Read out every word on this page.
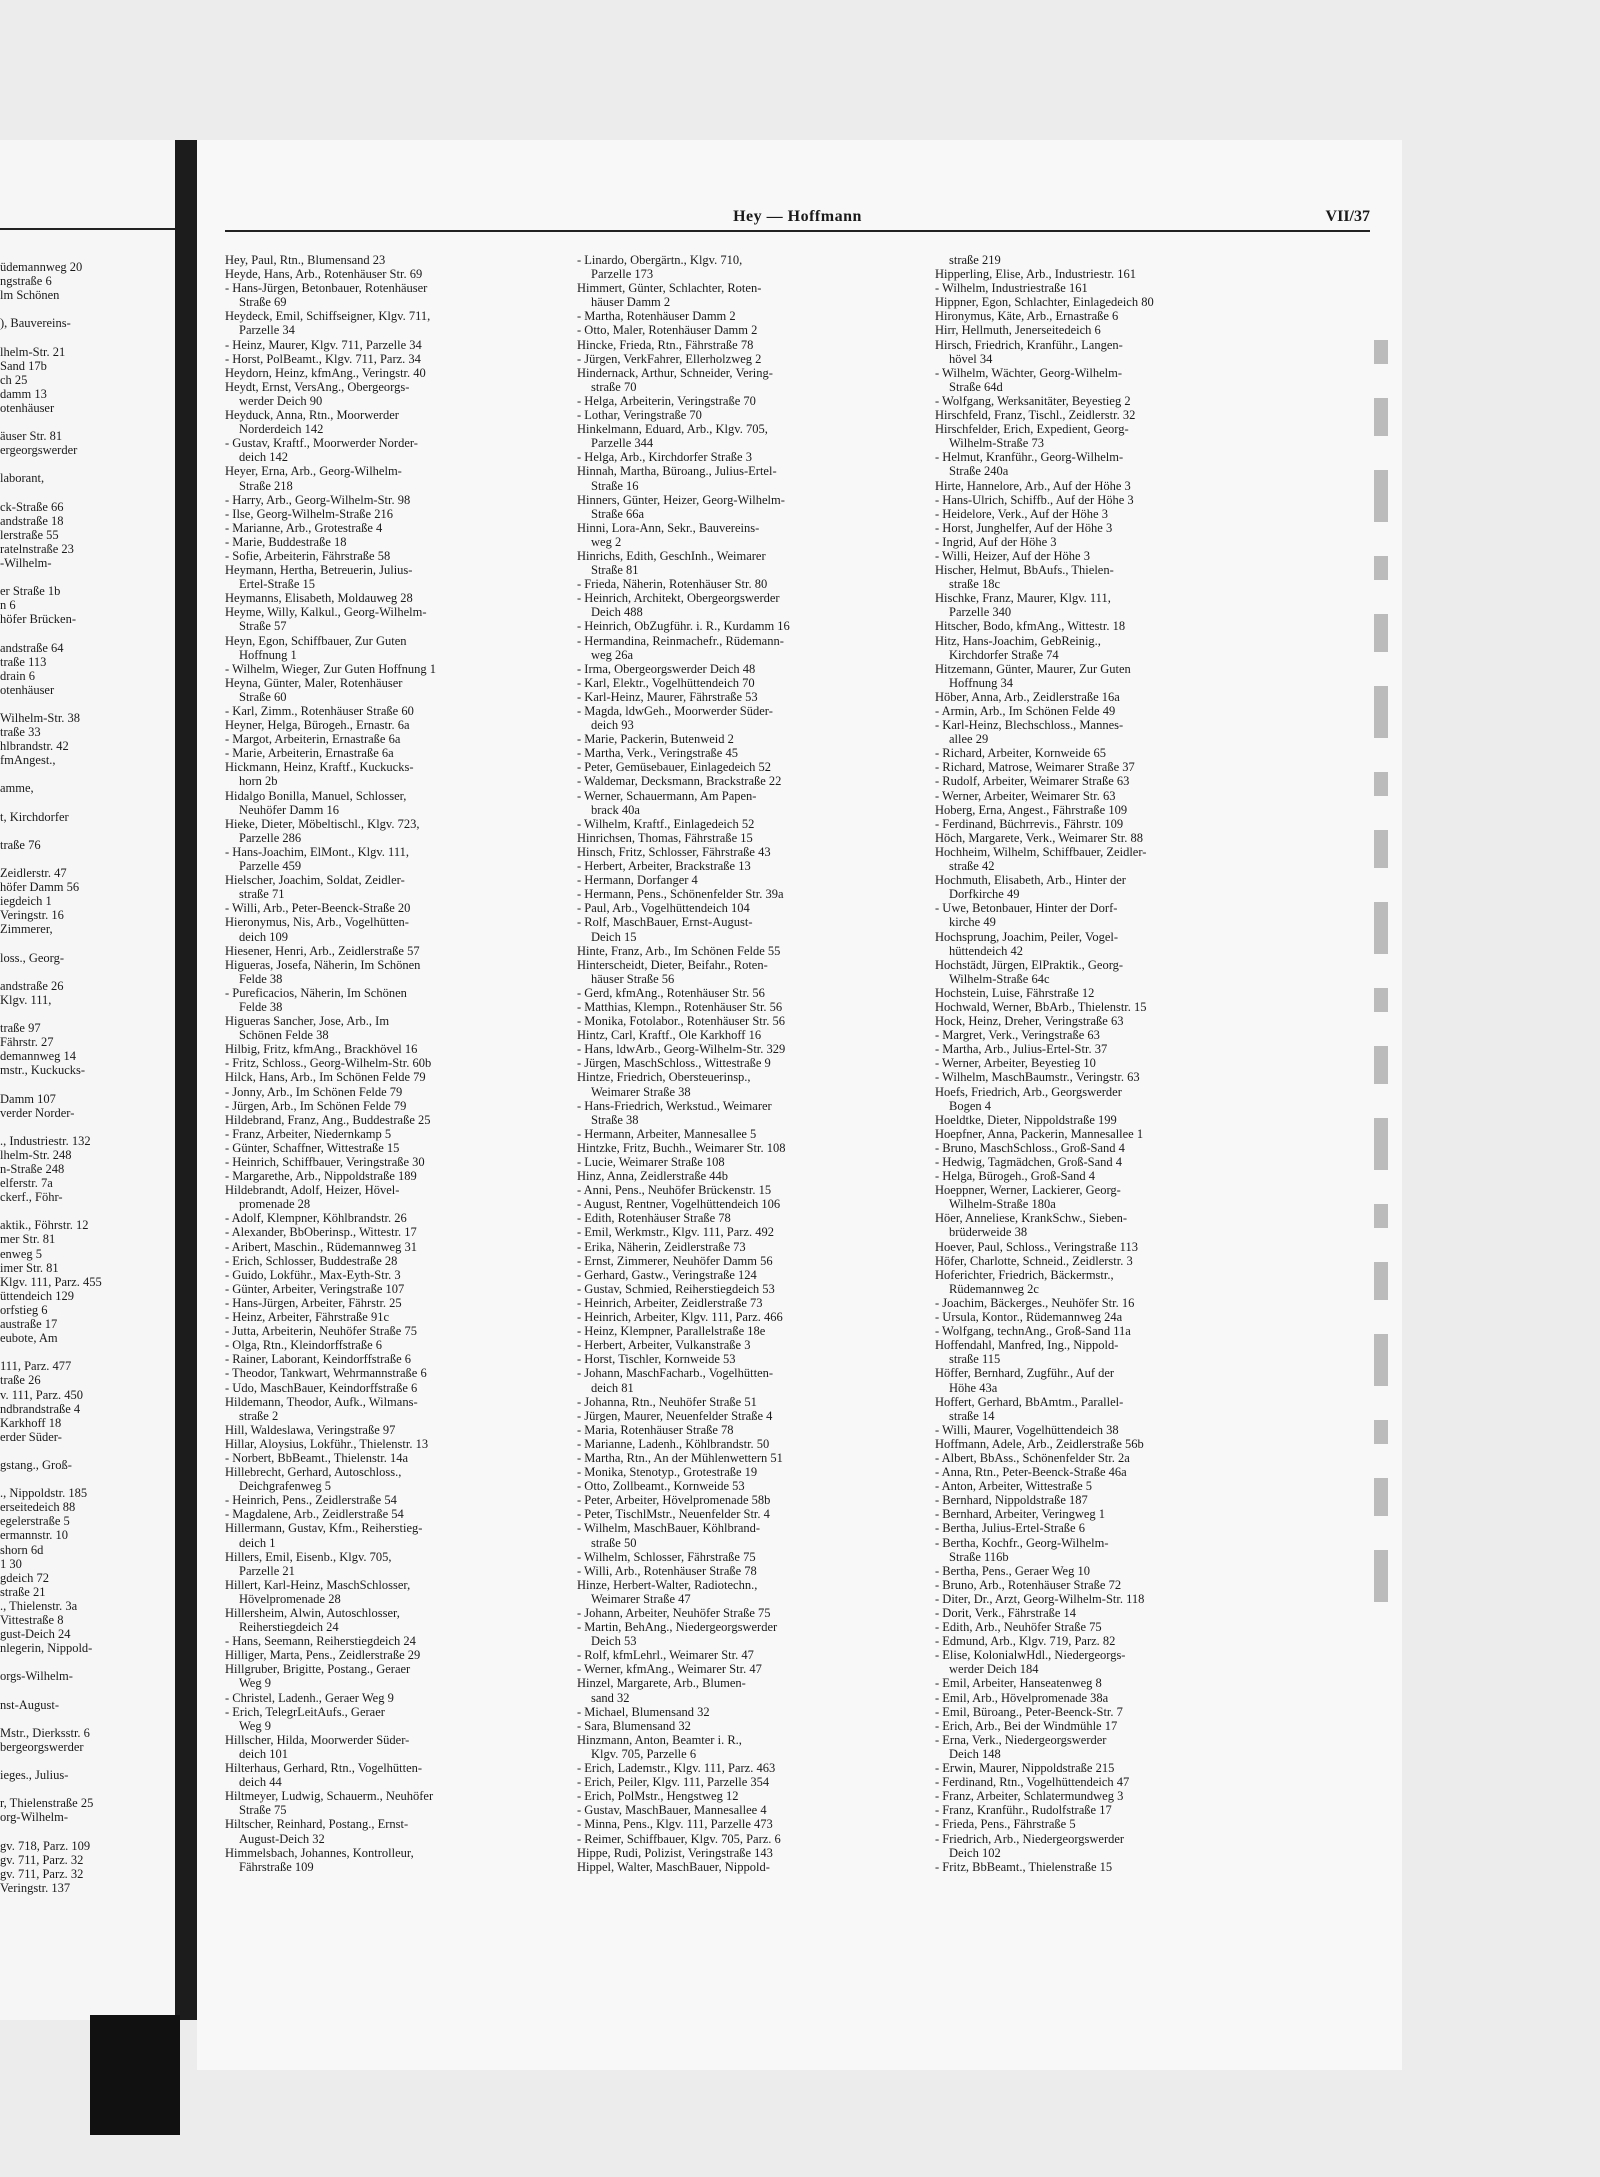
üdemannweg 20
ngstraße 6
lm Schönen

), Bauvereins-

lhelm-Str. 21
Sand 17b
ch 25
damm 13
otenhäuser

äuser Str. 81
ergeorgswerder

laborant,

ck-Straße 66
andstraße 18
lerstraße 55
ratelnstraße 23
-Wilhelm-

er Straße 1b
n 6
höfer Brücken-

andstraße 64
traße 113
drain 6
otenhäuser

Wilhelm-Str. 38
traße 33
hlbrandstr. 42
fmAngest.,

amme,

t, Kirchdorfer

traße 76

Zeidlerstr. 47
höfer Damm 56
iegdeich 1
Veringstr. 16
Zimmerer,

loss., Georg-

andstraße 26
Klgv. 111,

traße 97
Fährstr. 27
demannweg 14
mstr., Kuckucks-

Damm 107
verder Norder-

., Industriestr. 132
lhelm-Str. 248
n-Straße 248
elferstr. 7a
ckerf., Föhr-

aktik., Föhrstr. 12
mer Str. 81
enweg 5
imer Str. 81
Klgv. 111, Parz. 455
üttendeich 129
orfstieg 6
austraße 17
eubote, Am

111, Parz. 477
traße 26
v. 111, Parz. 450
ndbrandstraße 4
Karkhoff 18
erder Süder-

gstang., Groß-

., Nippoldstr. 185
erseitedeich 88
egelerstraße 5
ermannstr. 10
shorn 6d
1 30
gdeich 72
straße 21
., Thielenstr. 3a
Vittestraße 8
gust-Deich 24
nlegerin, Nippold-

orgs-Wilhelm-

nst-August-

Mstr., Dierksstr. 6
bergeorgswerder

ieges., Julius-

r, Thielenstraße 25
org-Wilhelm-

gv. 718, Parz. 109
gv. 711, Parz. 32
gv. 711, Parz. 32
Veringstr. 137
Hey — Hoffmann	VII/37
Hey, Paul, Rtn., Blumensand 23
Heyde, Hans, Arb., Rotenhäuser Str. 69
- Hans-Jürgen, Betonbauer, Rotenhäuser
Straße 69
Heydeck, Emil, Schiffseigner, Klgv. 711,
Parzelle 34
- Heinz, Maurer, Klgv. 711, Parzelle 34
- Horst, PolBeamt., Klgv. 711, Parz. 34
Heydorn, Heinz, kfmAng., Veringstr. 40
Heydt, Ernst, VersAng., Obergeorgs-
werder Deich 90
Heyduck, Anna, Rtn., Moorwerder
Norderdeich 142
- Gustav, Kraftf., Moorwerder Norder-
deich 142
Heyer, Erna, Arb., Georg-Wilhelm-
Straße 218
- Harry, Arb., Georg-Wilhelm-Str. 98
- Ilse, Georg-Wilhelm-Straße 216
- Marianne, Arb., Grotestraße 4
- Marie, Buddestraße 18
- Sofie, Arbeiterin, Fährstraße 58
Heymann, Hertha, Betreuerin, Julius-
Ertel-Straße 15
Heymanns, Elisabeth, Moldauweg 28
Heyme, Willy, Kalkul., Georg-Wilhelm-
Straße 57
Heyn, Egon, Schiffbauer, Zur Guten
Hoffnung 1
- Wilhelm, Wieger, Zur Guten Hoffnung 1
Heyna, Günter, Maler, Rotenhäuser
Straße 60
- Karl, Zimm., Rotenhäuser Straße 60
Heyner, Helga, Bürogeh., Ernastr. 6a
- Margot, Arbeiterin, Ernastraße 6a
- Marie, Arbeiterin, Ernastraße 6a
Hickmann, Heinz, Kraftf., Kuckucks-
horn 2b
Hidalgo Bonilla, Manuel, Schlosser,
Neuhöfer Damm 16
Hieke, Dieter, Möbeltischl., Klgv. 723,
Parzelle 286
- Hans-Joachim, ElMont., Klgv. 111,
Parzelle 459
Hielscher, Joachim, Soldat, Zeidler-
straße 71
- Willi, Arb., Peter-Beenck-Straße 20
Hieronymus, Nis, Arb., Vogelhütten-
deich 109
Hiesener, Henri, Arb., Zeidlerstraße 57
Higueras, Josefa, Näherin, Im Schönen
Felde 38
- Pureficacios, Näherin, Im Schönen
Felde 38
Higueras Sancher, Jose, Arb., Im
Schönen Felde 38
Hilbig, Fritz, kfmAng., Brackhövel 16
- Fritz, Schloss., Georg-Wilhelm-Str. 60b
Hilck, Hans, Arb., Im Schönen Felde 79
- Jonny, Arb., Im Schönen Felde 79
- Jürgen, Arb., Im Schönen Felde 79
Hildebrand, Franz, Ang., Buddestraße 25
- Franz, Arbeiter, Niedernkamp 5
- Günter, Schaffner, Wittestraße 15
- Heinrich, Schiffbauer, Veringstraße 30
- Margarethe, Arb., Nippoldstraße 189
Hildebrandt, Adolf, Heizer, Hövel-
promenade 28
- Adolf, Klempner, Köhlbrandstr. 26
- Alexander, BbOberinsp., Wittestr. 17
- Aribert, Maschin., Rüdemannweg 31
- Erich, Schlosser, Buddestraße 28
- Guido, Lokführ., Max-Eyth-Str. 3
- Günter, Arbeiter, Veringstraße 107
- Hans-Jürgen, Arbeiter, Fährstr. 25
- Heinz, Arbeiter, Fährstraße 91c
- Jutta, Arbeiterin, Neuhöfer Straße 75
- Olga, Rtn., Kleindorffstraße 6
- Rainer, Laborant, Keindorffstraße 6
- Theodor, Tankwart, Wehrmannstraße 6
- Udo, MaschBauer, Keindorffstraße 6
Hildemann, Theodor, Aufk., Wilmans-
straße 2
Hill, Waldeslawa, Veringstraße 97
Hillar, Aloysius, Lokführ., Thielenstr. 13
- Norbert, BbBeamt., Thielenstr. 14a
Hillebrecht, Gerhard, Autoschloss.,
Deichgrafenweg 5
- Heinrich, Pens., Zeidlerstraße 54
- Magdalene, Arb., Zeidlerstraße 54
Hillermann, Gustav, Kfm., Reiherstieg-
deich 1
Hillers, Emil, Eisenb., Klgv. 705,
Parzelle 21
Hillert, Karl-Heinz, MaschSchlosser,
Hövelpromenade 28
Hillersheim, Alwin, Autoschlosser,
Reiherstiegdeich 24
- Hans, Seemann, Reiherstiegdeich 24
Hilliger, Marta, Pens., Zeidlerstraße 29
Hillgruber, Brigitte, Postang., Geraer
Weg 9
- Christel, Ladenh., Geraer Weg 9
- Erich, TelegrLeitAufs., Geraer
Weg 9
Hillscher, Hilda, Moorwerder Süder-
deich 101
Hilterhaus, Gerhard, Rtn., Vogelhütten-
deich 44
Hiltmeyer, Ludwig, Schauerm., Neuhöfer
Straße 75
Hiltscher, Reinhard, Postang., Ernst-
August-Deich 32
Himmelsbach, Johannes, Kontrolleur,
Fährstraße 109
- Linardo, Obergärtn., Klgv. 710,
Parzelle 173
Himmert, Günter, Schlachter, Roten-
häuser Damm 2
- Martha, Rotenhäuser Damm 2
- Otto, Maler, Rotenhäuser Damm 2
Hincke, Frieda, Rtn., Fährstraße 78
- Jürgen, VerkFahrer, Ellerholzweg 2
Hindernack, Arthur, Schneider, Vering-
straße 70
- Helga, Arbeiterin, Veringstraße 70
- Lothar, Veringstraße 70
Hinkelmann, Eduard, Arb., Klgv. 705,
Parzelle 344
- Helga, Arb., Kirchdorfer Straße 3
Hinnah, Martha, Büroang., Julius-Ertel-
Straße 16
Hinners, Günter, Heizer, Georg-Wilhelm-
Straße 66a
Hinni, Lora-Ann, Sekr., Bauvereins-
weg 2
Hinrichs, Edith, GeschInh., Weimarer
Straße 81
- Frieda, Näherin, Rotenhäuser Str. 80
- Heinrich, Architekt, Obergeorgswerder
Deich 488
- Heinrich, ObZugführ. i. R., Kurdamm 16
- Hermandina, Reinmachefr., Rüdemann-
weg 26a
- Irma, Obergeorgswerder Deich 48
- Karl, Elektr., Vogelhüttendeich 70
- Karl-Heinz, Maurer, Fährstraße 53
- Magda, ldwGeh., Moorwerder Süder-
deich 93
- Marie, Packerin, Butenweid 2
- Martha, Verk., Veringstraße 45
- Peter, Gemüsebauer, Einlagedeich 52
- Waldemar, Decksmann, Brackstraße 22
- Werner, Schauermann, Am Papen-
brack 40a
- Wilhelm, Kraftf., Einlagedeich 52
Hinrichsen, Thomas, Fährstraße 15
Hinsch, Fritz, Schlosser, Fährstraße 43
- Herbert, Arbeiter, Brackstraße 13
- Hermann, Dorfanger 4
- Hermann, Pens., Schönenfelder Str. 39a
- Paul, Arb., Vogelhüttendeich 104
- Rolf, MaschBauer, Ernst-August-
Deich 15
Hinte, Franz, Arb., Im Schönen Felde 55
Hinterscheidt, Dieter, Beifahr., Roten-
häuser Straße 56
- Gerd, kfmAng., Rotenhäuser Str. 56
- Matthias, Klempn., Rotenhäuser Str. 56
- Monika, Fotolabor., Rotenhäuser Str. 56
Hintz, Carl, Kraftf., Ole Karkhoff 16
- Hans, ldwArb., Georg-Wilhelm-Str. 329
- Jürgen, MaschSchloss., Wittestraße 9
Hintze, Friedrich, Obersteuerinsp.,
Weimarer Straße 38
- Hans-Friedrich, Werkstud., Weimarer
Straße 38
- Hermann, Arbeiter, Mannesallee 5
Hintzke, Fritz, Buchh., Weimarer Str. 108
- Lucie, Weimarer Straße 108
Hinz, Anna, Zeidlerstraße 44b
- Anni, Pens., Neuhöfer Brückenstr. 15
- August, Rentner, Vogelhüttendeich 106
- Edith, Rotenhäuser Straße 78
- Emil, Werkmstr., Klgv. 111, Parz. 492
- Erika, Näherin, Zeidlerstraße 73
- Ernst, Zimmerer, Neuhöfer Damm 56
- Gerhard, Gastw., Veringstraße 124
- Gustav, Schmied, Reiherstiegdeich 53
- Heinrich, Arbeiter, Zeidlerstraße 73
- Heinrich, Arbeiter, Klgv. 111, Parz. 466
- Heinz, Klempner, Parallelstraße 18e
- Herbert, Arbeiter, Vulkanstraße 3
- Horst, Tischler, Kornweide 53
- Johann, MaschFacharb., Vogelhütten-
deich 81
- Johanna, Rtn., Neuhöfer Straße 51
- Jürgen, Maurer, Neuenfelder Straße 4
- Maria, Rotenhäuser Straße 78
- Marianne, Ladenh., Köhlbrandstr. 50
- Martha, Rtn., An der Mühlenwettern 51
- Monika, Stenotyp., Grotestraße 19
- Otto, Zollbeamt., Kornweide 53
- Peter, Arbeiter, Hövelpromenade 58b
- Peter, TischlMstr., Neuenfelder Str. 4
- Wilhelm, MaschBauer, Köhlbrand-
straße 50
- Wilhelm, Schlosser, Fährstraße 75
- Willi, Arb., Rotenhäuser Straße 78
Hinze, Herbert-Walter, Radiotechn.,
Weimarer Straße 47
- Johann, Arbeiter, Neuhöfer Straße 75
- Martin, BehAng., Niedergeorgswerder
Deich 53
- Rolf, kfmLehrl., Weimarer Str. 47
- Werner, kfmAng., Weimarer Str. 47
Hinzel, Margarete, Arb., Blumen-
sand 32
- Michael, Blumensand 32
- Sara, Blumensand 32
Hinzmann, Anton, Beamter i. R.,
Klgv. 705, Parzelle 6
- Erich, Lademstr., Klgv. 111, Parz. 463
- Erich, Peiler, Klgv. 111, Parzelle 354
- Erich, PolMstr., Hengstweg 12
- Gustav, MaschBauer, Mannesallee 4
- Minna, Pens., Klgv. 111, Parzelle 473
- Reimer, Schiffbauer, Klgv. 705, Parz. 6
Hippe, Rudi, Polizist, Veringstraße 143
Hippel, Walter, MaschBauer, Nippold-
straße 219
Hipperling, Elise, Arb., Industriestr. 161
- Wilhelm, Industriestraße 161
Hippner, Egon, Schlachter, Einlagedeich 80
Hironymus, Käte, Arb., Ernastraße 6
Hirr, Hellmuth, Jenerseitedeich 6
Hirsch, Friedrich, Kranführ., Langen-
hövel 34
- Wilhelm, Wächter, Georg-Wilhelm-
Straße 64d
- Wolfgang, Werksanitäter, Beyestieg 2
Hirschfeld, Franz, Tischl., Zeidlerstr. 32
Hirschfelder, Erich, Expedient, Georg-
Wilhelm-Straße 73
- Helmut, Kranführ., Georg-Wilhelm-
Straße 240a
Hirte, Hannelore, Arb., Auf der Höhe 3
- Hans-Ulrich, Schiffb., Auf der Höhe 3
- Heidelore, Verk., Auf der Höhe 3
- Horst, Junghelfer, Auf der Höhe 3
- Ingrid, Auf der Höhe 3
- Willi, Heizer, Auf der Höhe 3
Hischer, Helmut, BbAufs., Thielen-
straße 18c
Hischke, Franz, Maurer, Klgv. 111,
Parzelle 340
Hitscher, Bodo, kfmAng., Wittestr. 18
Hitz, Hans-Joachim, GebReinig.,
Kirchdorfer Straße 74
Hitzemann, Günter, Maurer, Zur Guten
Hoffnung 34
Höber, Anna, Arb., Zeidlerstraße 16a
- Armin, Arb., Im Schönen Felde 49
- Karl-Heinz, Blechschloss., Mannes-
allee 29
- Richard, Arbeiter, Kornweide 65
- Richard, Matrose, Weimarer Straße 37
- Rudolf, Arbeiter, Weimarer Straße 63
- Werner, Arbeiter, Weimarer Str. 63
Hoberg, Erna, Angest., Fährstraße 109
- Ferdinand, Büchrrevis., Fährstr. 109
Höch, Margarete, Verk., Weimarer Str. 88
Hochheim, Wilhelm, Schiffbauer, Zeidler-
straße 42
Hochmuth, Elisabeth, Arb., Hinter der
Dorfkirche 49
- Uwe, Betonbauer, Hinter der Dorf-
kirche 49
Hochsprung, Joachim, Peiler, Vogel-
hüttendeich 42
Hochstädt, Jürgen, ElPraktik., Georg-
Wilhelm-Straße 64c
Hochstein, Luise, Fährstraße 12
Hochwald, Werner, BbArb., Thielenstr. 15
Hock, Heinz, Dreher, Veringstraße 63
- Margret, Verk., Veringstraße 63
- Martha, Arb., Julius-Ertel-Str. 37
- Werner, Arbeiter, Beyestieg 10
- Wilhelm, MaschBaumstr., Veringstr. 63
Hoefs, Friedrich, Arb., Georgswerder
Bogen 4
Hoeldtke, Dieter, Nippoldstraße 199
Hoepfner, Anna, Packerin, Mannesallee 1
- Bruno, MaschSchloss., Groß-Sand 4
- Hedwig, Tagmädchen, Groß-Sand 4
- Helga, Bürogeh., Groß-Sand 4
Hoeppner, Werner, Lackierer, Georg-
Wilhelm-Straße 180a
Höer, Anneliese, KrankSchw., Sieben-
brüderweide 38
Hoever, Paul, Schloss., Veringstraße 113
Höfer, Charlotte, Schneid., Zeidlerstr. 3
Hoferichter, Friedrich, Bäckermstr.,
Rüdemannweg 2c
- Joachim, Bäckerges., Neuhöfer Str. 16
- Ursula, Kontor., Rüdemannweg 24a
- Wolfgang, technAng., Groß-Sand 11a
Hoffendahl, Manfred, Ing., Nippold-
straße 115
Höffer, Bernhard, Zugführ., Auf der
Höhe 43a
Hoffert, Gerhard, BbAmtm., Parallel-
straße 14
- Willi, Maurer, Vogelhüttendeich 38
Hoffmann, Adele, Arb., Zeidlerstraße 56b
- Albert, BbAss., Schönenfelder Str. 2a
- Anna, Rtn., Peter-Beenck-Straße 46a
- Anton, Arbeiter, Wittestraße 5
- Bernhard, Nippoldstraße 187
- Bernhard, Arbeiter, Veringweg 1
- Bertha, Julius-Ertel-Straße 6
- Bertha, Kochfr., Georg-Wilhelm-
Straße 116b
- Bertha, Pens., Geraer Weg 10
- Bruno, Arb., Rotenhäuser Straße 72
- Diter, Dr., Arzt, Georg-Wilhelm-Str. 118
- Dorit, Verk., Fährstraße 14
- Edith, Arb., Neuhöfer Straße 75
- Edmund, Arb., Klgv. 719, Parz. 82
- Elise, KolonialwHdl., Niedergeorgs-
werder Deich 184
- Emil, Arbeiter, Hanseatenweg 8
- Emil, Arb., Hövelpromenade 38a
- Emil, Büroang., Peter-Beenck-Str. 7
- Erich, Arb., Bei der Windmühle 17
- Erna, Verk., Niedergeorgswerder
Deich 148
- Erwin, Maurer, Nippoldstraße 215
- Ferdinand, Rtn., Vogelhüttendeich 47
- Franz, Arbeiter, Schlatermundweg 3
- Franz, Kranführ., Rudolfstraße 17
- Frieda, Pens., Fährstraße 5
- Friedrich, Arb., Niedergeorgswerder
Deich 102
- Fritz, BbBeamt., Thielenstraße 15
